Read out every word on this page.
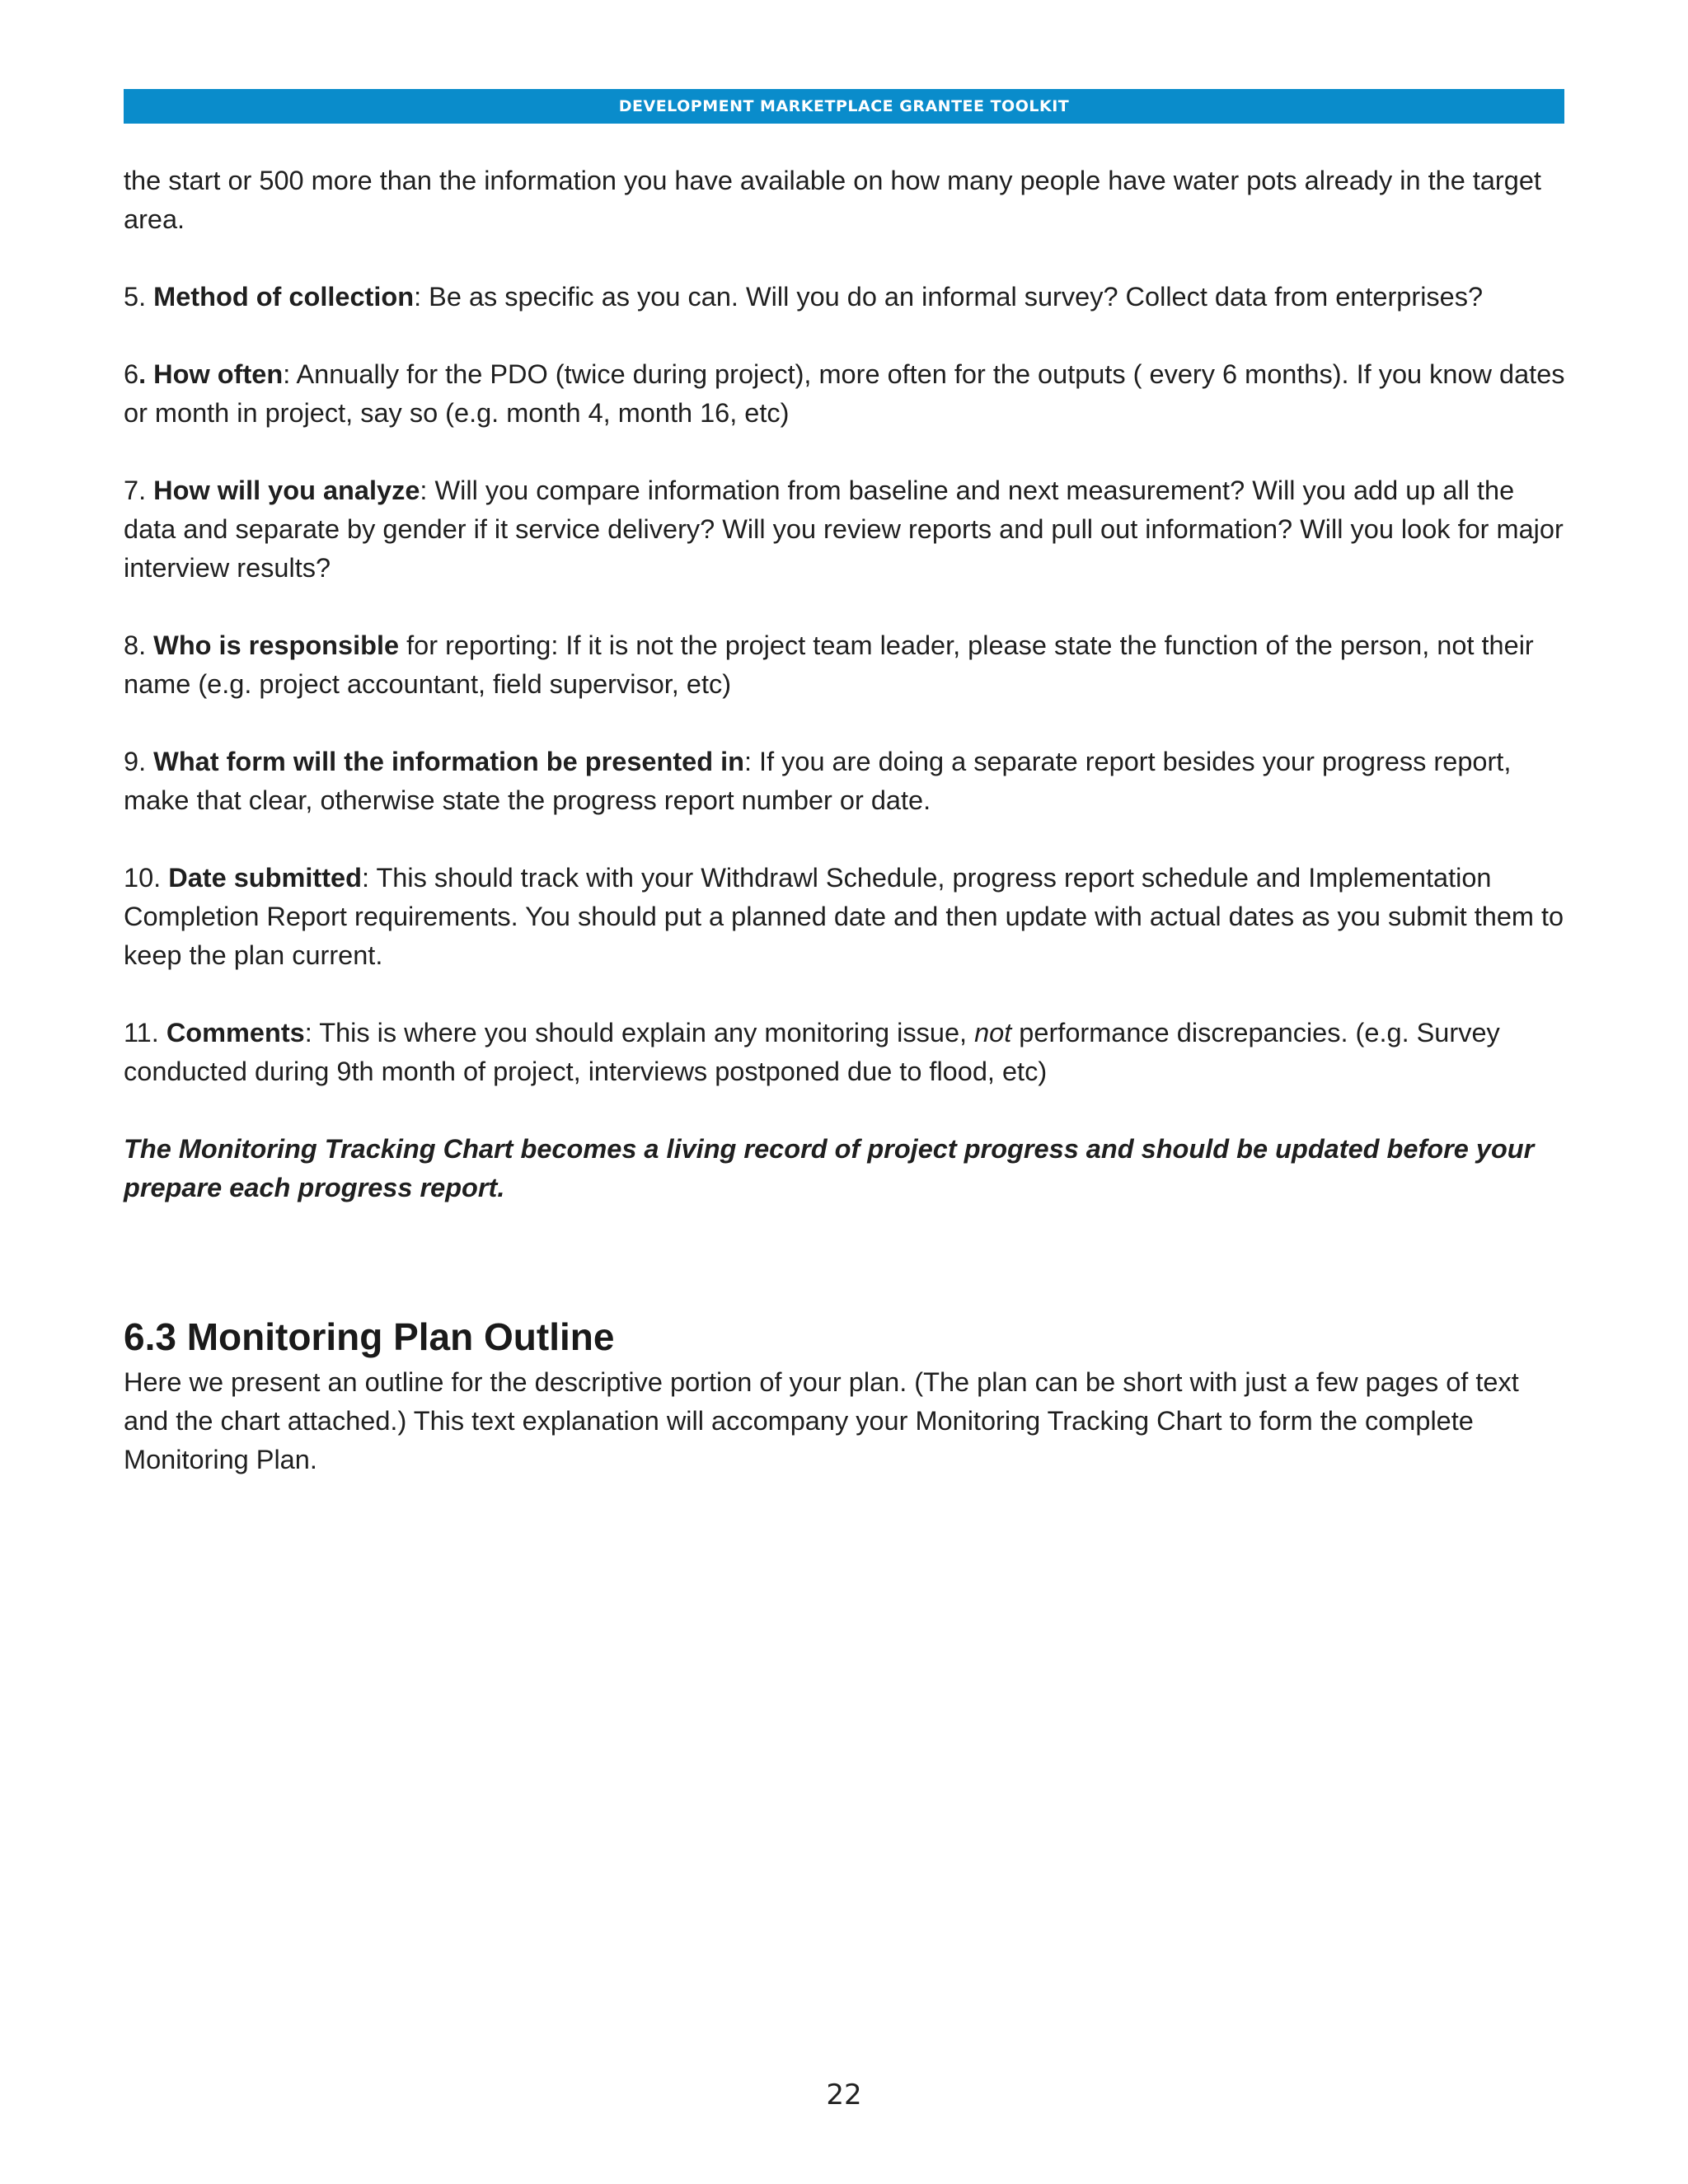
DEVELOPMENT MARKETPLACE GRANTEE TOOLKIT

the start or 500 more than the information you have available on how many people have water pots already in the target area.

5. Method of collection: Be as specific as you can. Will you do an informal survey? Collect data from enterprises?

6. How often: Annually for the PDO (twice during project), more often for the outputs ( every 6 months). If you know dates or month in project, say so (e.g. month 4, month 16, etc)

7. How will you analyze: Will you compare information from baseline and next measurement? Will you add up all the data and separate by gender if it service delivery? Will you review reports and pull out information? Will you look for major interview results?

8. Who is responsible for reporting: If it is not the project team leader, please state the function of the person, not their name (e.g. project accountant, field supervisor, etc)

9. What form will the information be presented in: If you are doing a separate report besides your progress report, make that clear, otherwise state the progress report number or date.

10. Date submitted: This should track with your Withdrawl Schedule, progress report schedule and Implementation Completion Report requirements. You should put a planned date and then update with actual dates as you submit them to keep the plan current.

11. Comments: This is where you should explain any monitoring issue, not performance discrepancies. (e.g. Survey conducted during 9th month of project, interviews postponed due to flood, etc)

The Monitoring Tracking Chart becomes a living record of project progress and should be updated before your prepare each progress report.

6.3 Monitoring Plan Outline

Here we present an outline for the descriptive portion of your plan. (The plan can be short with just a few pages of text and the chart attached.) This text explanation will accompany your Monitoring Tracking Chart to form the complete Monitoring Plan.

22
